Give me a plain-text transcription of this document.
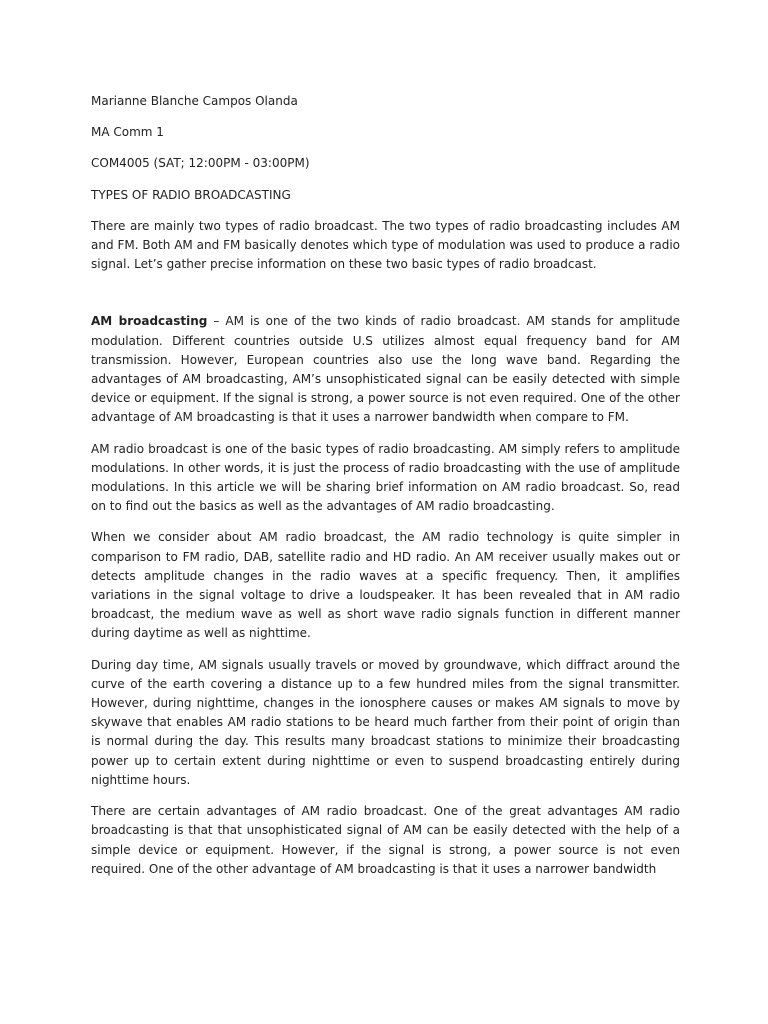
Marianne Blanche Campos Olanda
MA Comm 1
COM4005 (SAT; 12:00PM - 03:00PM)
TYPES OF RADIO BROADCASTING

There are mainly two types of radio broadcast. The two types of radio broadcasting includes AM and FM. Both AM and FM basically denotes which type of modulation was used to produce a radio signal. Let’s gather precise information on these two basic types of radio broadcast.

AM broadcasting – AM is one of the two kinds of radio broadcast. AM stands for amplitude modulation. Different countries outside U.S utilizes almost equal frequency band for AM transmission. However, European countries also use the long wave band. Regarding the advantages of AM broadcasting, AM’s unsophisticated signal can be easily detected with simple device or equipment. If the signal is strong, a power source is not even required. One of the other advantage of AM broadcasting is that it uses a narrower bandwidth when compare to FM.

AM radio broadcast is one of the basic types of radio broadcasting. AM simply refers to amplitude modulations. In other words, it is just the process of radio broadcasting with the use of amplitude modulations. In this article we will be sharing brief information on AM radio broadcast. So, read on to find out the basics as well as the advantages of AM radio broadcasting.

When we consider about AM radio broadcast, the AM radio technology is quite simpler in comparison to FM radio, DAB, satellite radio and HD radio. An AM receiver usually makes out or detects amplitude changes in the radio waves at a specific frequency. Then, it amplifies variations in the signal voltage to drive a loudspeaker. It has been revealed that in AM radio broadcast, the medium wave as well as short wave radio signals function in different manner during daytime as well as nighttime.

During day time, AM signals usually travels or moved by groundwave, which diffract around the curve of the earth covering a distance up to a few hundred miles from the signal transmitter. However, during nighttime, changes in the ionosphere causes or makes AM signals to move by skywave that enables AM radio stations to be heard much farther from their point of origin than is normal during the day. This results many broadcast stations to minimize their broadcasting power up to certain extent during nighttime or even to suspend broadcasting entirely during nighttime hours.

There are certain advantages of AM radio broadcast. One of the great advantages AM radio broadcasting is that that unsophisticated signal of AM can be easily detected with the help of a simple device or equipment. However, if the signal is strong, a power source is not even required. One of the other advantage of AM broadcasting is that it uses a narrower bandwidth
